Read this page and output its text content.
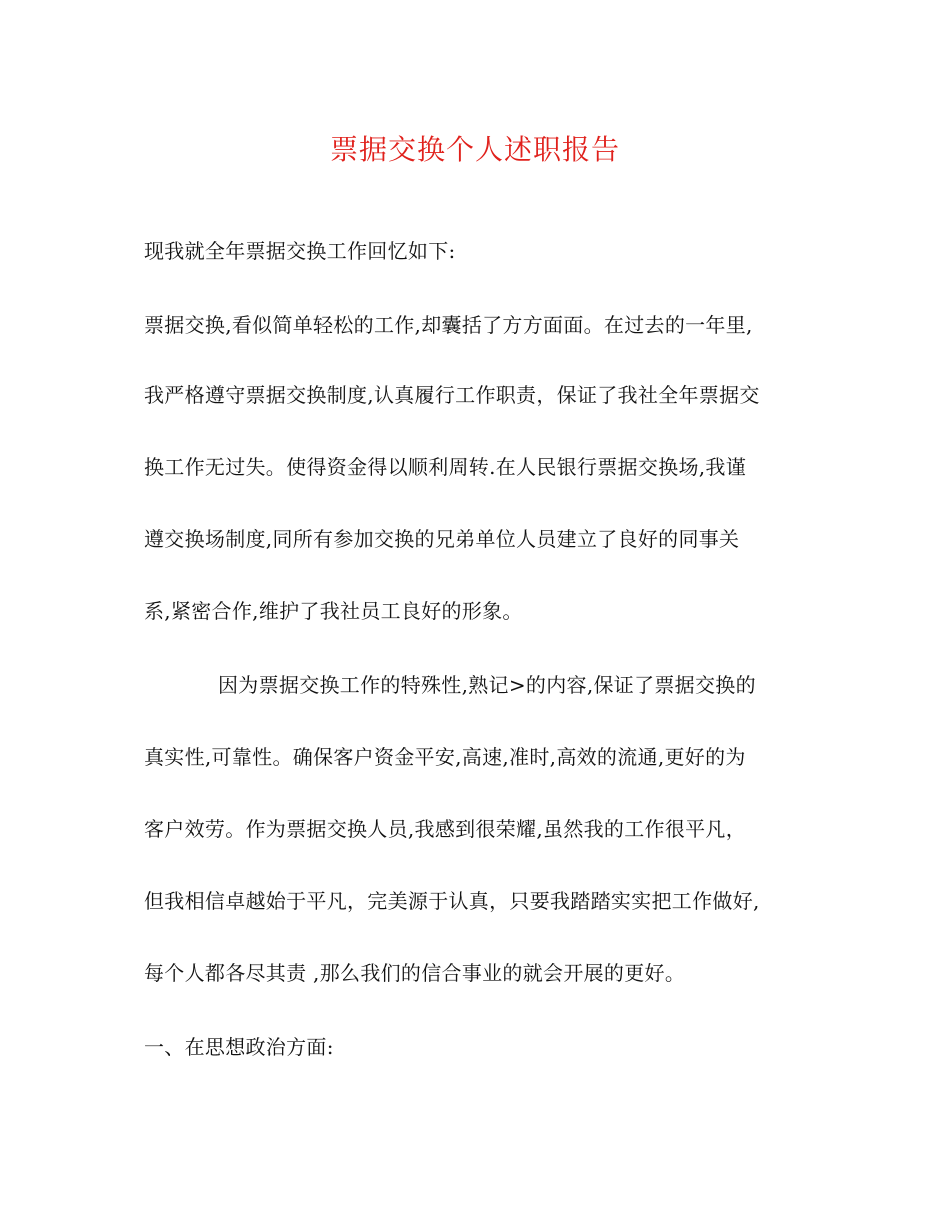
票据交换个人述职报告
现我就全年票据交换工作回忆如下:
票据交换,看似简单轻松的工作,却囊括了方方面面。在过去的一年里,
我严格遵守票据交换制度,认真履行工作职责，保证了我社全年票据交
换工作无过失。使得资金得以顺利周转.在人民银行票据交换场,我谨
遵交换场制度,同所有参加交换的兄弟单位人员建立了良好的同事关
系,紧密合作,维护了我社员工良好的形象。
因为票据交换工作的特殊性,熟记>的内容,保证了票据交换的
真实性,可靠性。确保客户资金平安,高速,准时,高效的流通,更好的为
客户效劳。作为票据交换人员,我感到很荣耀,虽然我的工作很平凡，
但我相信卓越始于平凡，完美源于认真，只要我踏踏实实把工作做好,
每个人都各尽其责 ,那么我们的信合事业的就会开展的更好。
一、在思想政治方面:
